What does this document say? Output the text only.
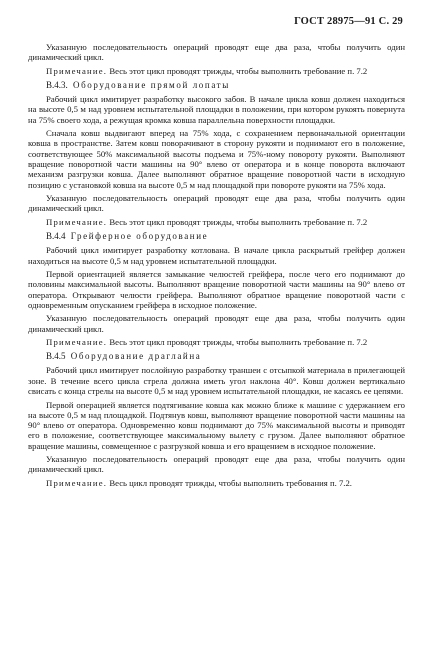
ГОСТ 28975—91 С. 29

Указанную последовательность операций проводят еще два раза, чтобы получить один динамический цикл.

Примечание. Весь этот цикл проводят трижды, чтобы выполнить требование п. 7.2

В.4.3. Оборудование прямой лопаты

Рабочий цикл имитирует разработку высокого забоя. В начале цикла ковш должен находиться на высоте 0,5 м над уровнем испытательной площадки в положении, при котором рукоять повернута на 75% своего хода, а режущая кромка ковша параллельна поверхности площадки.

Сначала ковш выдвигают вперед на 75% хода, с сохранением первоначальной ориентации ковша в пространстве. Затем ковш поворачивают в сторону рукояти и поднимают его в положение, соответствующее 50% максимальной высоты подъема и 75%-ному повороту рукояти. Выполняют вращение поворотной части машины на 90° влево от оператора и в конце поворота включают механизм разгрузки ковша. Далее выполняют обратное вращение поворотной части в исходную позицию с установкой ковша на высоте 0,5 м над площадкой при повороте рукояти на 75% хода.

Указанную последовательность операций проводят еще два раза, чтобы получить один динамический цикл.

Примечание. Весь этот цикл проводят трижды, чтобы выполнить требование п. 7.2

В.4.4 Грейферное оборудование

Рабочий цикл имитирует разработку котлована. В начале цикла раскрытый грейфер должен находиться на высоте 0,5 м над уровнем испытательной площадки.

Первой ориентацией является замыкание челюстей грейфера, после чего его поднимают до половины максимальной высоты. Выполняют вращение поворотной части машины на 90° влево от оператора. Открывают челюсти грейфера. Выполняют обратное вращение поворотной части с одновременным опусканием грейфера в исходное положение.

Указанную последовательность операций проводят еще два раза, чтобы получить один динамический цикл.

Примечание. Весь этот цикл проводят трижды, чтобы выполнить требование п. 7.2

В.4.5 Оборудование драглайна

Рабочий цикл имитирует послойную разработку траншеи с отсыпкой материала в прилегающей зоне. В течение всего цикла стрела должна иметь угол наклона 40°. Ковш должен вертикально свисать с конца стрелы на высоте 0,5 м над уровнем испытательной площадки, не касаясь ее цепями.

Первой операцией является подтягивание ковша как можно ближе к машине с удержанием его на высоте 0,5 м над площадкой. Подтянув ковш, выполняют вращение поворотной части машины на 90° влево от оператора. Одновременно ковш поднимают до 75% максимальной высоты и приводят его в положение, соответствующее максимальному вылету с грузом. Далее выполняют обратное вращение машины, совмещенное с разгрузкой ковша и его вращением в исходное положение.

Указанную последовательность операций проводят еще два раза, чтобы получить один динамический цикл.

Примечание. Весь цикл проводят трижды, чтобы выполнить требования п. 7.2.
